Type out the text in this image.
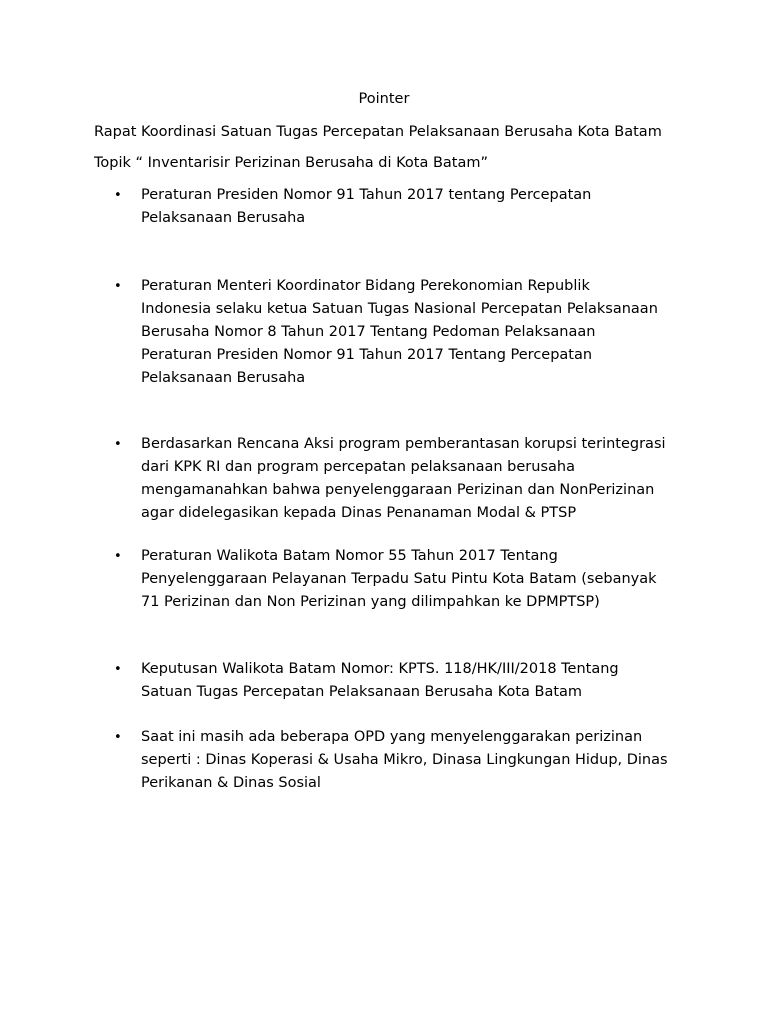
Pointer
Rapat Koordinasi Satuan Tugas Percepatan Pelaksanaan Berusaha Kota Batam
Topik “ Inventarisir Perizinan Berusaha di Kota Batam”
•	Peraturan Presiden Nomor 91 Tahun 2017 tentang Percepatan
Pelaksanaan Berusaha
•	Peraturan Menteri Koordinator Bidang Perekonomian Republik
Indonesia selaku ketua Satuan Tugas Nasional Percepatan Pelaksanaan
Berusaha Nomor 8 Tahun 2017 Tentang Pedoman Pelaksanaan
Peraturan Presiden Nomor 91 Tahun 2017 Tentang Percepatan
Pelaksanaan Berusaha
•	Berdasarkan Rencana Aksi program pemberantasan korupsi terintegrasi
dari KPK RI dan program percepatan pelaksanaan berusaha
mengamanahkan bahwa penyelenggaraan Perizinan dan NonPerizinan
agar didelegasikan kepada Dinas Penanaman Modal & PTSP
•	Peraturan Walikota Batam Nomor 55 Tahun 2017 Tentang
Penyelenggaraan Pelayanan Terpadu Satu Pintu Kota Batam (sebanyak
71 Perizinan dan Non Perizinan yang dilimpahkan ke DPMPTSP)
•	Keputusan Walikota Batam Nomor: KPTS. 118/HK/III/2018 Tentang
Satuan Tugas Percepatan Pelaksanaan Berusaha Kota Batam
•	Saat ini masih ada beberapa OPD yang menyelenggarakan perizinan
seperti : Dinas Koperasi & Usaha Mikro, Dinasa Lingkungan Hidup, Dinas
Perikanan & Dinas Sosial
